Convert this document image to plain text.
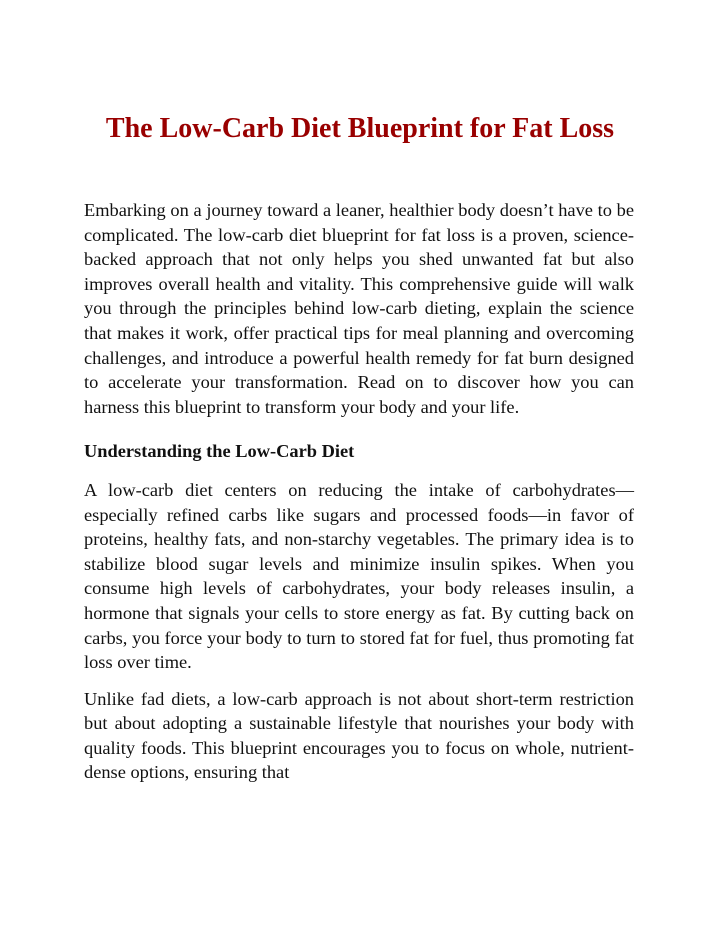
The Low-Carb Diet Blueprint for Fat Loss

Embarking on a journey toward a leaner, healthier body doesn’t have to be complicated. The low-carb diet blueprint for fat loss is a proven, science-backed approach that not only helps you shed unwanted fat but also improves overall health and vitality. This comprehensive guide will walk you through the principles behind low-carb dieting, explain the science that makes it work, offer practical tips for meal planning and overcoming challenges, and introduce a powerful health remedy for fat burn designed to accelerate your transformation. Read on to discover how you can harness this blueprint to transform your body and your life.

Understanding the Low-Carb Diet

A low-carb diet centers on reducing the intake of carbohydrates—especially refined carbs like sugars and processed foods—in favor of proteins, healthy fats, and non-starchy vegetables. The primary idea is to stabilize blood sugar levels and minimize insulin spikes. When you consume high levels of carbohydrates, your body releases insulin, a hormone that signals your cells to store energy as fat. By cutting back on carbs, you force your body to turn to stored fat for fuel, thus promoting fat loss over time.

Unlike fad diets, a low-carb approach is not about short-term restriction but about adopting a sustainable lifestyle that nourishes your body with quality foods. This blueprint encourages you to focus on whole, nutrient-dense options, ensuring that
